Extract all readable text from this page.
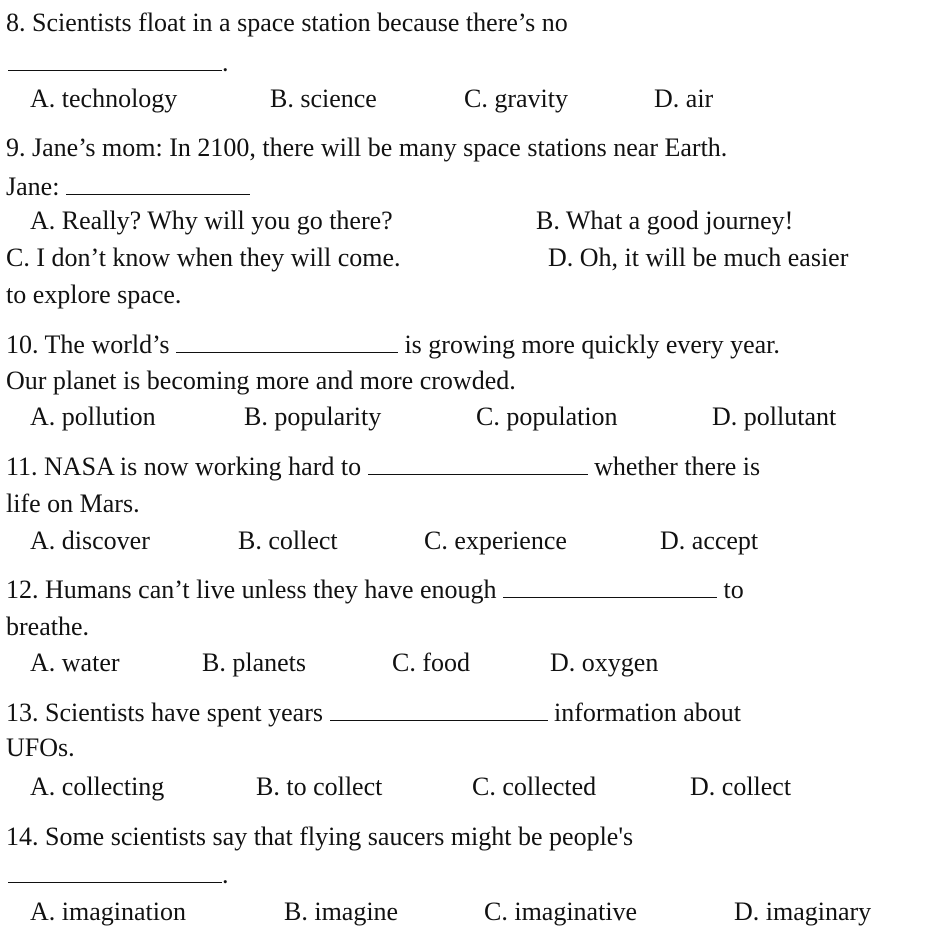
8. Scientists float in a space station because there’s no
.
A. technology	B. science	C. gravity	D. air
9. Jane’s mom: In 2100, there will be many space stations near Earth.
Jane:
A. Really? Why will you go there?	B. What a good journey!
C. I don’t know when they will come.	D. Oh, it will be much easier
to explore space.
10. The world’s	is growing more quickly every year.
Our planet is becoming more and more crowded.
A. pollution	B. popularity	C. population	D. pollutant
11. NASA is now working hard to	whether there is
life on Mars.
A. discover	B. collect	C. experience	D. accept
12. Humans can’t live unless they have enough	to
breathe.
A. water	B. planets	C. food	D. oxygen
13. Scientists have spent years	information about
UFOs.
A. collecting	B. to collect	C. collected	D. collect
14. Some scientists say that flying saucers might be people's
.
A. imagination	B. imagine	C. imaginative	D. imaginary
